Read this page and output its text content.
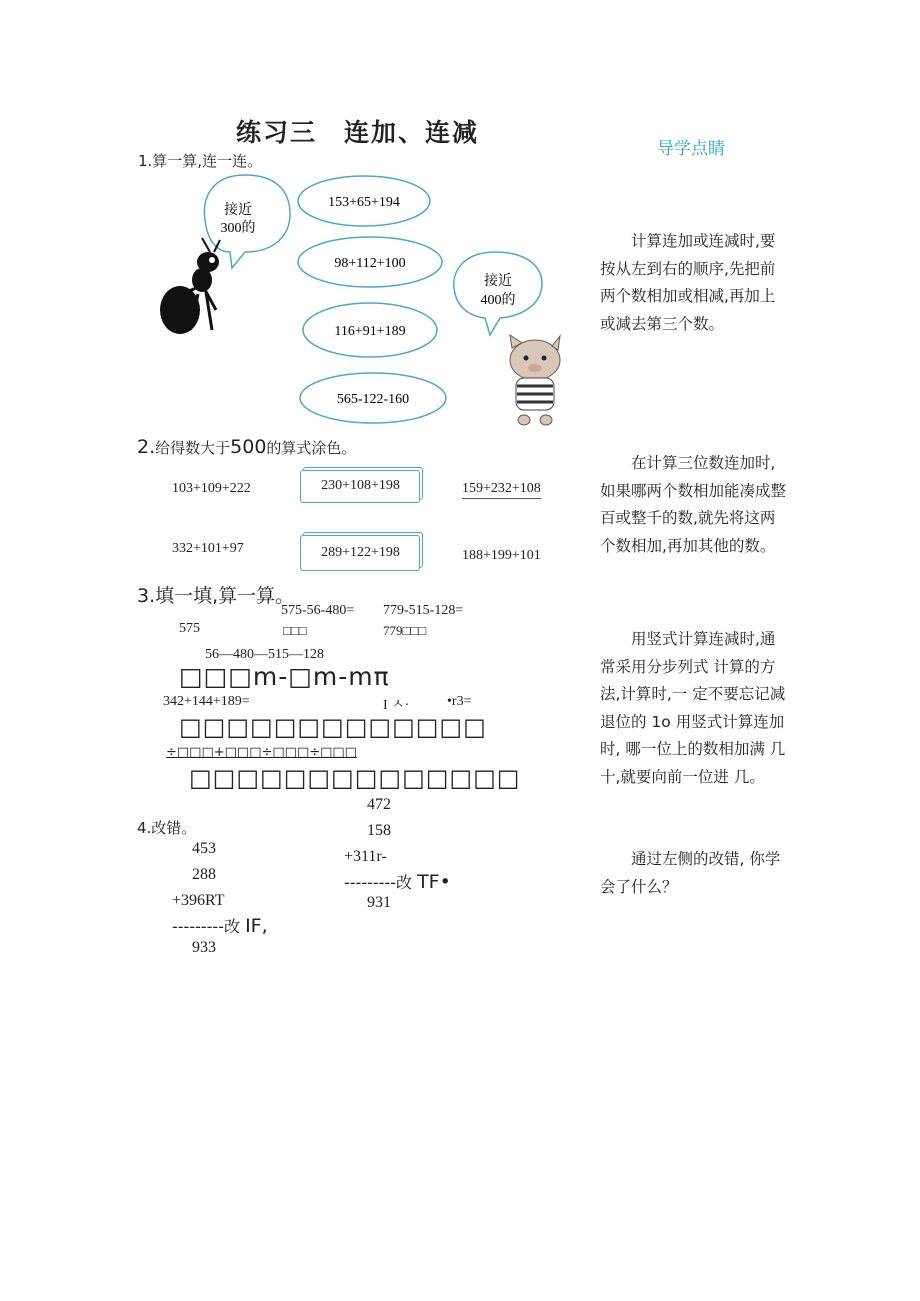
练习三　连加、连减
导学点睛
计算连加或连减时,要按从左到右的顺序,先把前两个数相加或相减,再加上或减去第三个数。
在计算三位数连加时,如果哪两个数相加能凑成整百或整千的数,就先将这两个数相加,再加其他的数。
用竖式计算连减时,通常采用分步列式 计算的方法,计算时,一 定不要忘记减退位的 1o 用竖式计算连加时, 哪一位上的数相加满 几十,就要向前一位进 几。
通过左侧的改错, 你学会了什么？
1.算一算,连一连。
接近
300的
153+65+194
98+112+100
116+91+189
565-122-160
接近
400的
2.给得数大于500的算式涂色。
103+109+222	230+108+198	159+232+108
332+101+97	289+122+198	188+199+101
3.填一填,算一算。
575-56-480= 779-515-128=
575	□□□	779□□□
56—480—515—128
□□□m-□m-mπ
342+144+189=	I ㅅ·	•r3=
□□□□□□□□□□□□□
÷□□□+□□□÷□□□÷□□□
□□□□□□□□□□□□□□
4.改错。
453
288
+396RT
---------改 IF,
933
472
158
+311r-
---------改 TF•
931
